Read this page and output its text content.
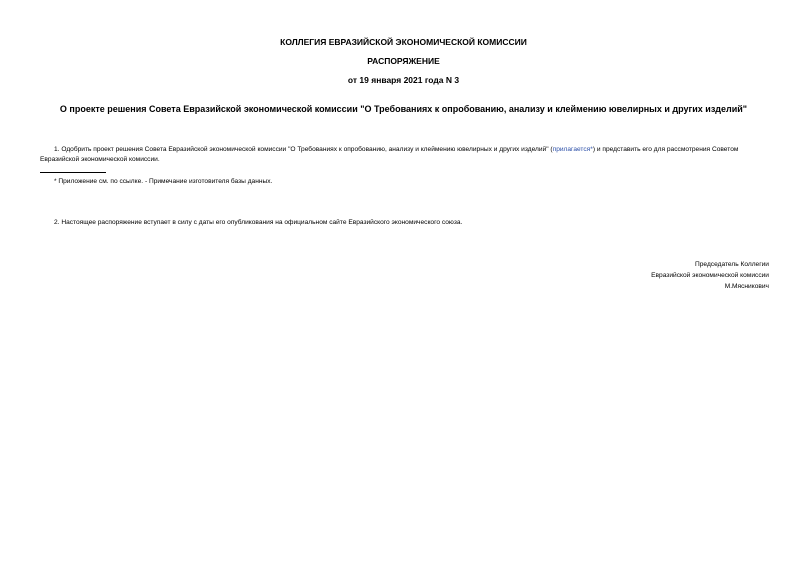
КОЛЛЕГИЯ ЕВРАЗИЙСКОЙ ЭКОНОМИЧЕСКОЙ КОМИССИИ
РАСПОРЯЖЕНИЕ
от 19 января 2021 года N 3
О проекте решения Совета Евразийской экономической комиссии "О Требованиях к опробованию, анализу и клеймению ювелирных и других изделий"
1. Одобрить проект решения Совета Евразийской экономической комиссии "О Требованиях к опробованию, анализу и клеймению ювелирных и других изделий" (прилагается*) и представить его для рассмотрения Советом Евразийской экономической комиссии.
* Приложение см. по ссылке. - Примечание изготовителя базы данных.
2. Настоящее распоряжение вступает в силу с даты его опубликования на официальном сайте Евразийского экономического союза.
Председатель Коллегии
Евразийской экономической комиссии
М.Мясникович
